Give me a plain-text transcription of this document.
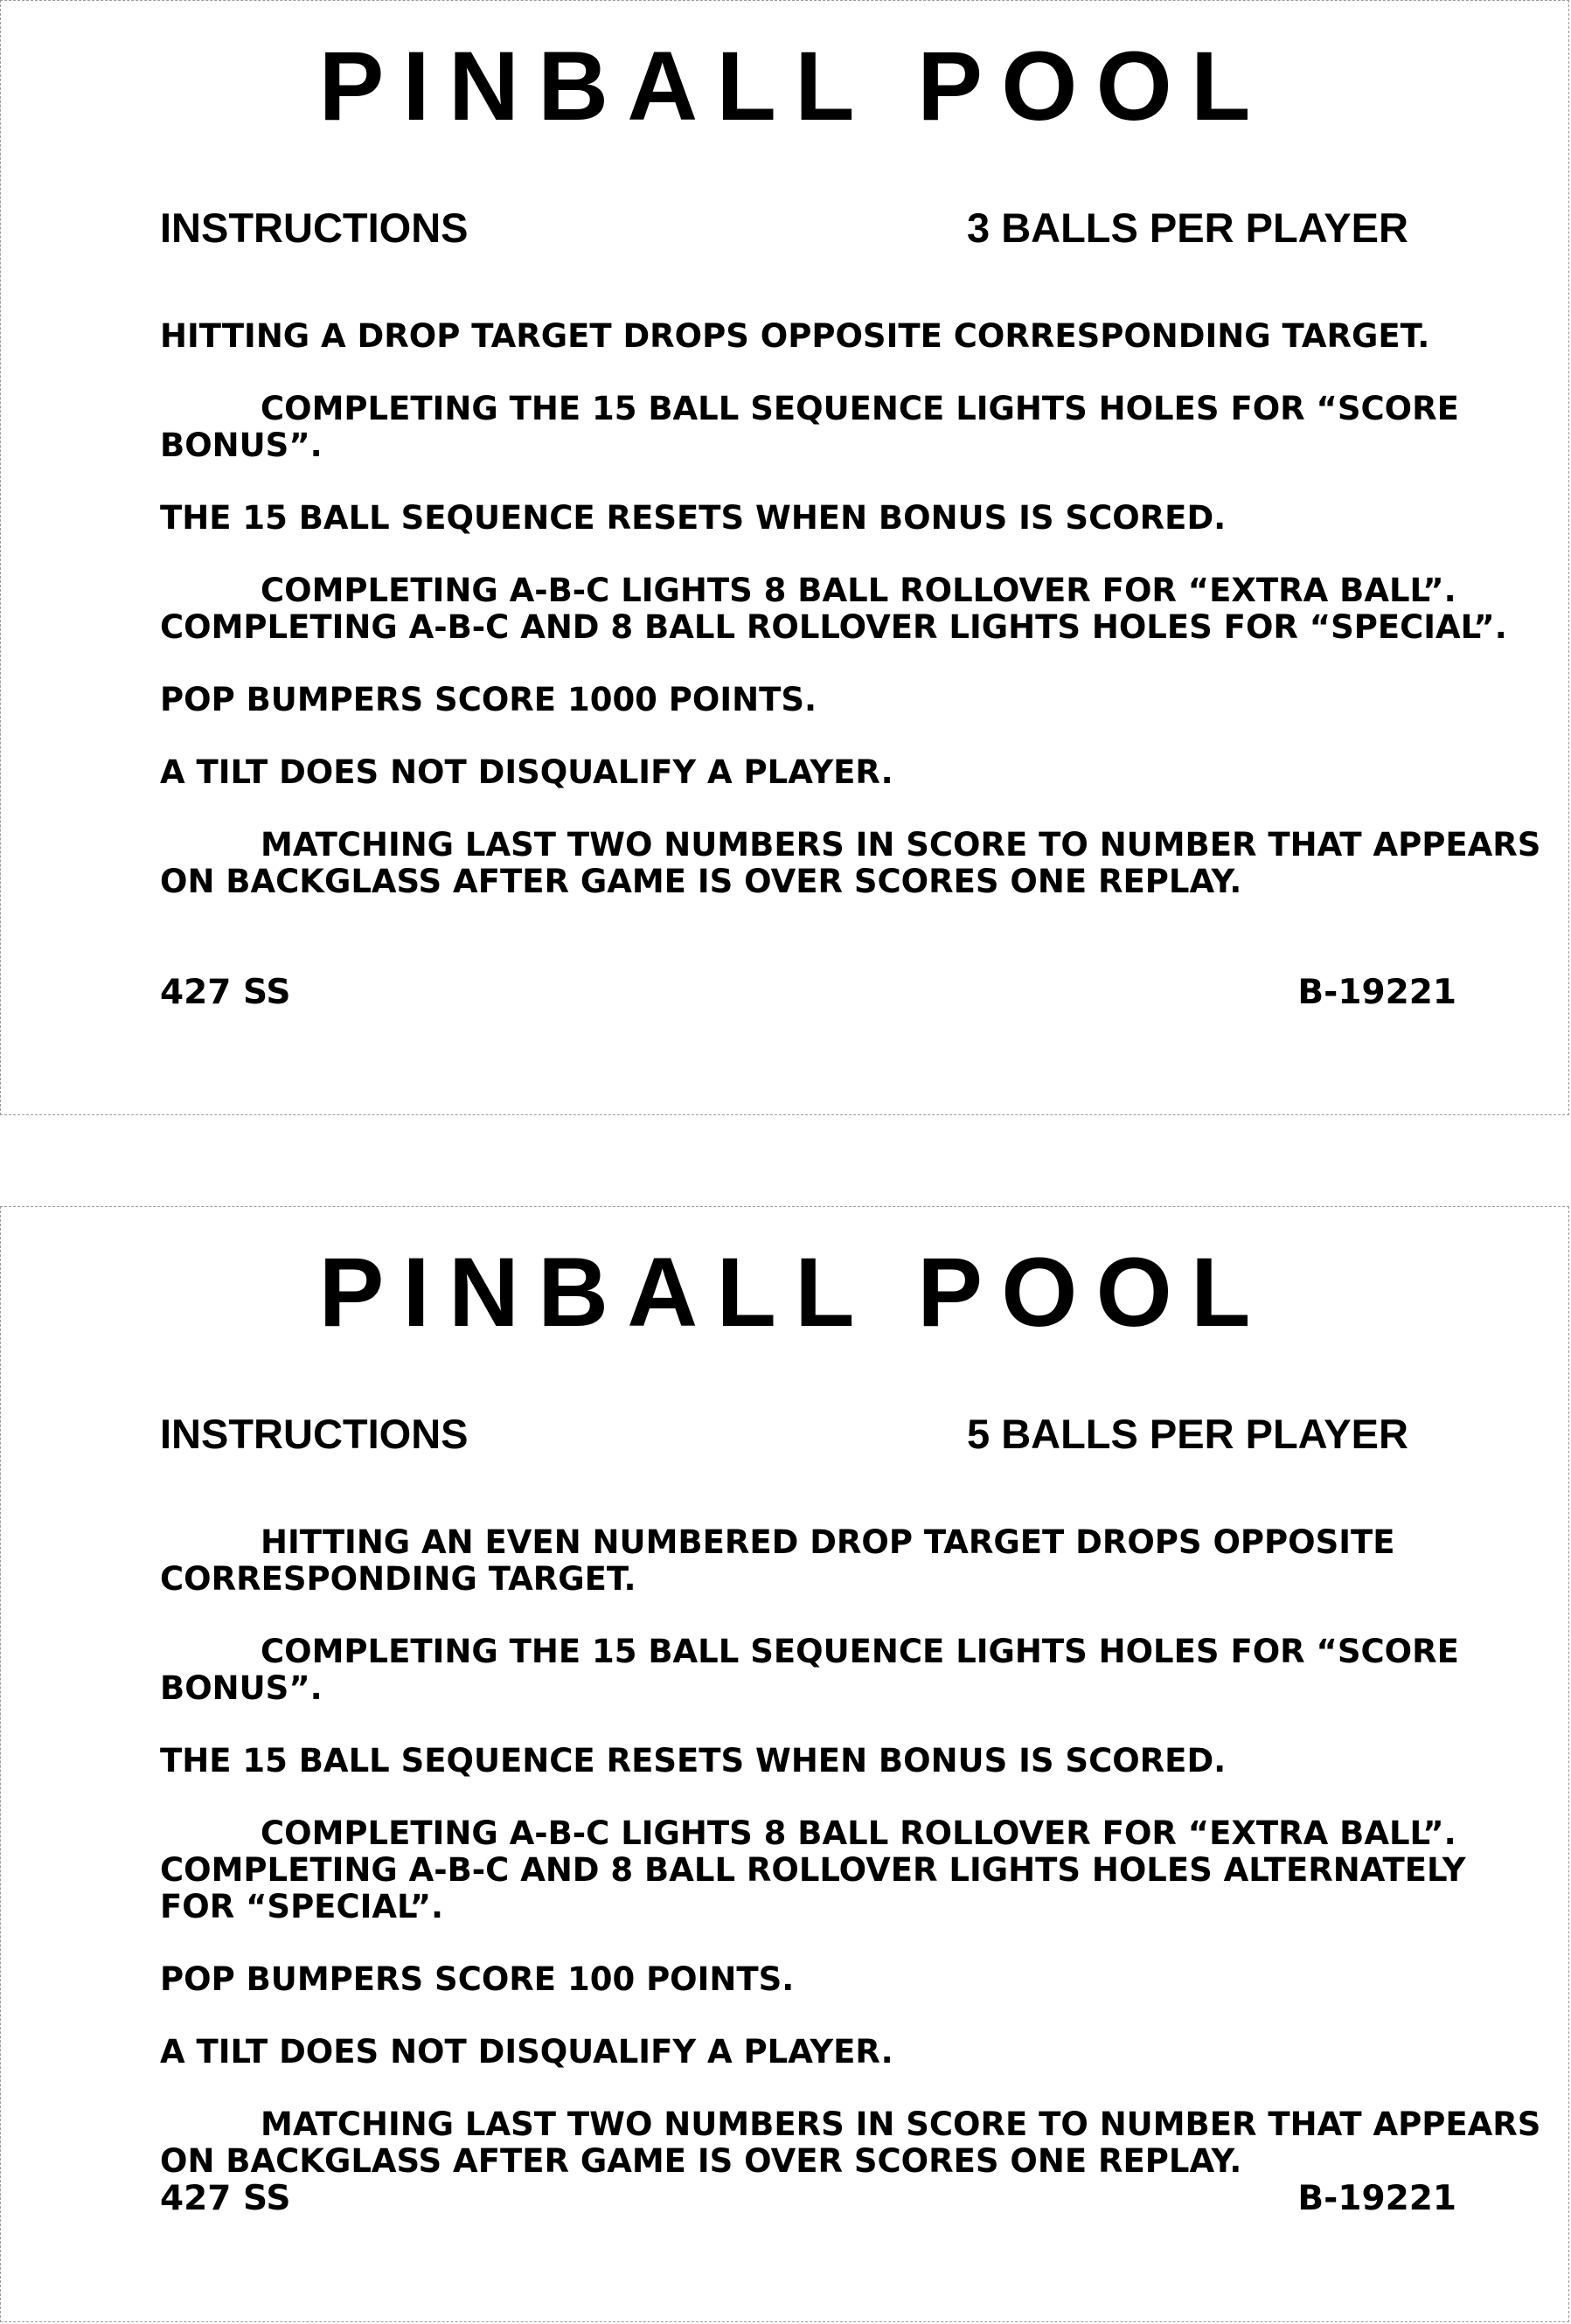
PINBALL POOL
INSTRUCTIONS	3 BALLS PER PLAYER

HITTING A DROP TARGET DROPS OPPOSITE CORRESPONDING TARGET.

COMPLETING THE 15 BALL SEQUENCE LIGHTS HOLES FOR “SCORE BONUS”.

THE 15 BALL SEQUENCE RESETS WHEN BONUS IS SCORED.

COMPLETING A-B-C LIGHTS 8 BALL ROLLOVER FOR “EXTRA BALL”. COMPLETING A-B-C AND 8 BALL ROLLOVER LIGHTS HOLES FOR “SPECIAL”.

POP BUMPERS SCORE 1000 POINTS.

A TILT DOES NOT DISQUALIFY A PLAYER.

MATCHING LAST TWO NUMBERS IN SCORE TO NUMBER THAT APPEARS ON BACKGLASS AFTER GAME IS OVER SCORES ONE REPLAY.

427 SS	B-19221
PINBALL POOL
INSTRUCTIONS	5 BALLS PER PLAYER

HITTING AN EVEN NUMBERED DROP TARGET DROPS OPPOSITE CORRESPONDING TARGET.

COMPLETING THE 15 BALL SEQUENCE LIGHTS HOLES FOR “SCORE BONUS”.

THE 15 BALL SEQUENCE RESETS WHEN BONUS IS SCORED.

COMPLETING A-B-C LIGHTS 8 BALL ROLLOVER FOR “EXTRA BALL”. COMPLETING A-B-C AND 8 BALL ROLLOVER LIGHTS HOLES ALTERNATELY FOR “SPECIAL”.

POP BUMPERS SCORE 100 POINTS.

A TILT DOES NOT DISQUALIFY A PLAYER.

MATCHING LAST TWO NUMBERS IN SCORE TO NUMBER THAT APPEARS ON BACKGLASS AFTER GAME IS OVER SCORES ONE REPLAY.

427 SS	B-19221
